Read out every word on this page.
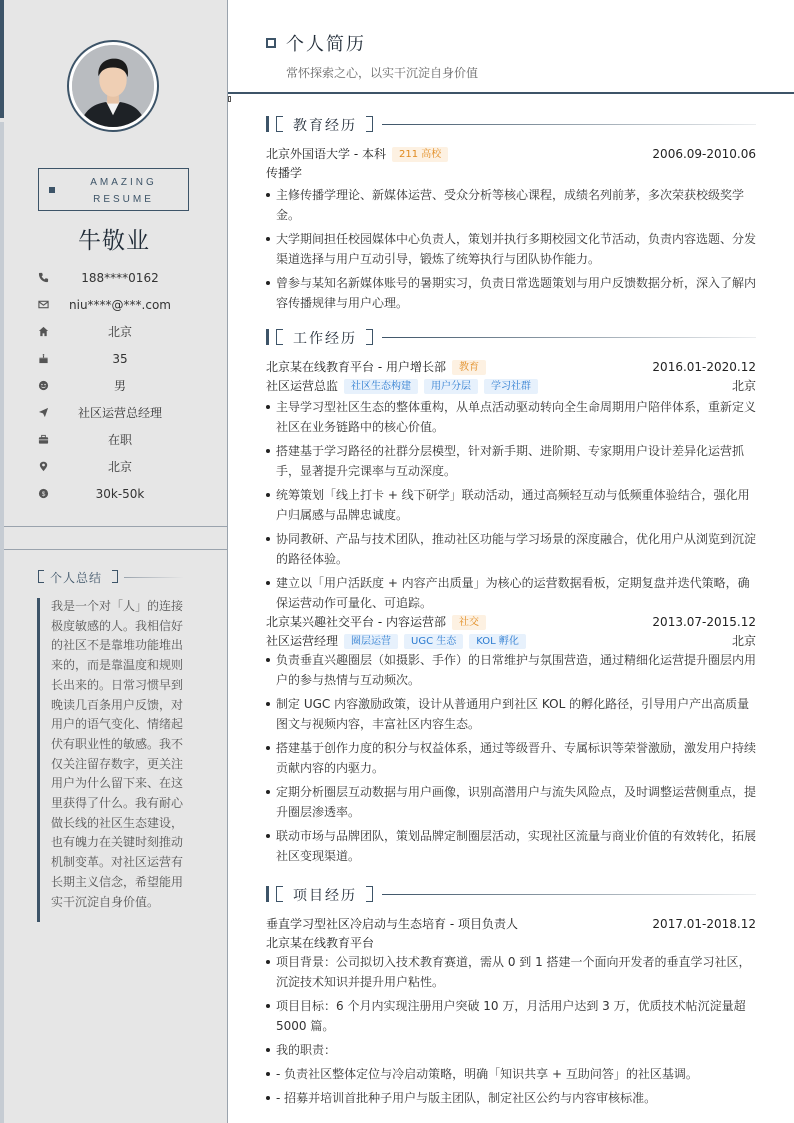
AMAZING
RESUME
牛敬业
188****0162
niu****@***.com
北京
35
男
社区运营总经理
在职
北京
$	30k-50k
个人总结
我是一个对「人」的连接极度敏感的人。我相信好的社区不是靠堆功能堆出来的，而是靠温度和规则长出来的。日常习惯早到晚读几百条用户反馈，对用户的语气变化、情绪起伏有职业性的敏感。我不仅关注留存数字，更关注用户为什么留下来、在这里获得了什么。我有耐心做长线的社区生态建设，也有魄力在关键时刻推动机制变革。对社区运营有长期主义信念，希望能用实干沉淀自身价值。
个人简历
常怀探索之心，以实干沉淀自身价值
教育经历
北京外国语大学 - 本科	211 高校	2006.09-2010.06
传播学
主修传播学理论、新媒体运营、受众分析等核心课程，成绩名列前茅，多次荣获校级奖学金。
大学期间担任校园媒体中心负责人，策划并执行多期校园文化节活动，负责内容选题、分发渠道选择与用户互动引导，锻炼了统筹执行与团队协作能力。
曾参与某知名新媒体账号的暑期实习，负责日常选题策划与用户反馈数据分析，深入了解内容传播规律与用户心理。
工作经历
北京某在线教育平台 - 用户增长部	教育	2016.01-2020.12
社区运营总监	社区生态构建	用户分层	学习社群	北京
主导学习型社区生态的整体重构，从单点活动驱动转向全生命周期用户陪伴体系，重新定义社区在业务链路中的核心价值。
搭建基于学习路径的社群分层模型，针对新手期、进阶期、专家期用户设计差异化运营抓手，显著提升完课率与互动深度。
统筹策划「线上打卡 + 线下研学」联动活动，通过高频轻互动与低频重体验结合，强化用户归属感与品牌忠诚度。
协同教研、产品与技术团队，推动社区功能与学习场景的深度融合，优化用户从浏览到沉淀的路径体验。
建立以「用户活跃度 + 内容产出质量」为核心的运营数据看板，定期复盘并迭代策略，确保运营动作可量化、可追踪。
北京某兴趣社交平台 - 内容运营部	社交	2013.07-2015.12
社区运营经理	圈层运营	UGC 生态	KOL 孵化	北京
负责垂直兴趣圈层（如摄影、手作）的日常维护与氛围营造，通过精细化运营提升圈层内用户的参与热情与互动频次。
制定 UGC 内容激励政策，设计从普通用户到社区 KOL 的孵化路径，引导用户产出高质量图文与视频内容，丰富社区内容生态。
搭建基于创作力度的积分与权益体系，通过等级晋升、专属标识等荣誉激励，激发用户持续贡献内容的内驱力。
定期分析圈层互动数据与用户画像，识别高潜用户与流失风险点，及时调整运营侧重点，提升圈层渗透率。
联动市场与品牌团队，策划品牌定制圈层活动，实现社区流量与商业价值的有效转化，拓展社区变现渠道。
项目经历
垂直学习型社区冷启动与生态培育 - 项目负责人	2017.01-2018.12
北京某在线教育平台
项目背景：公司拟切入技术教育赛道，需从 0 到 1 搭建一个面向开发者的垂直学习社区，沉淀技术知识并提升用户粘性。
项目目标：6 个月内实现注册用户突破 10 万，月活用户达到 3 万，优质技术帖沉淀量超 5000 篇。
我的职责：
- 负责社区整体定位与冷启动策略，明确「知识共享 + 互助问答」的社区基调。
- 招募并培训首批种子用户与版主团队，制定社区公约与内容审核标准。
